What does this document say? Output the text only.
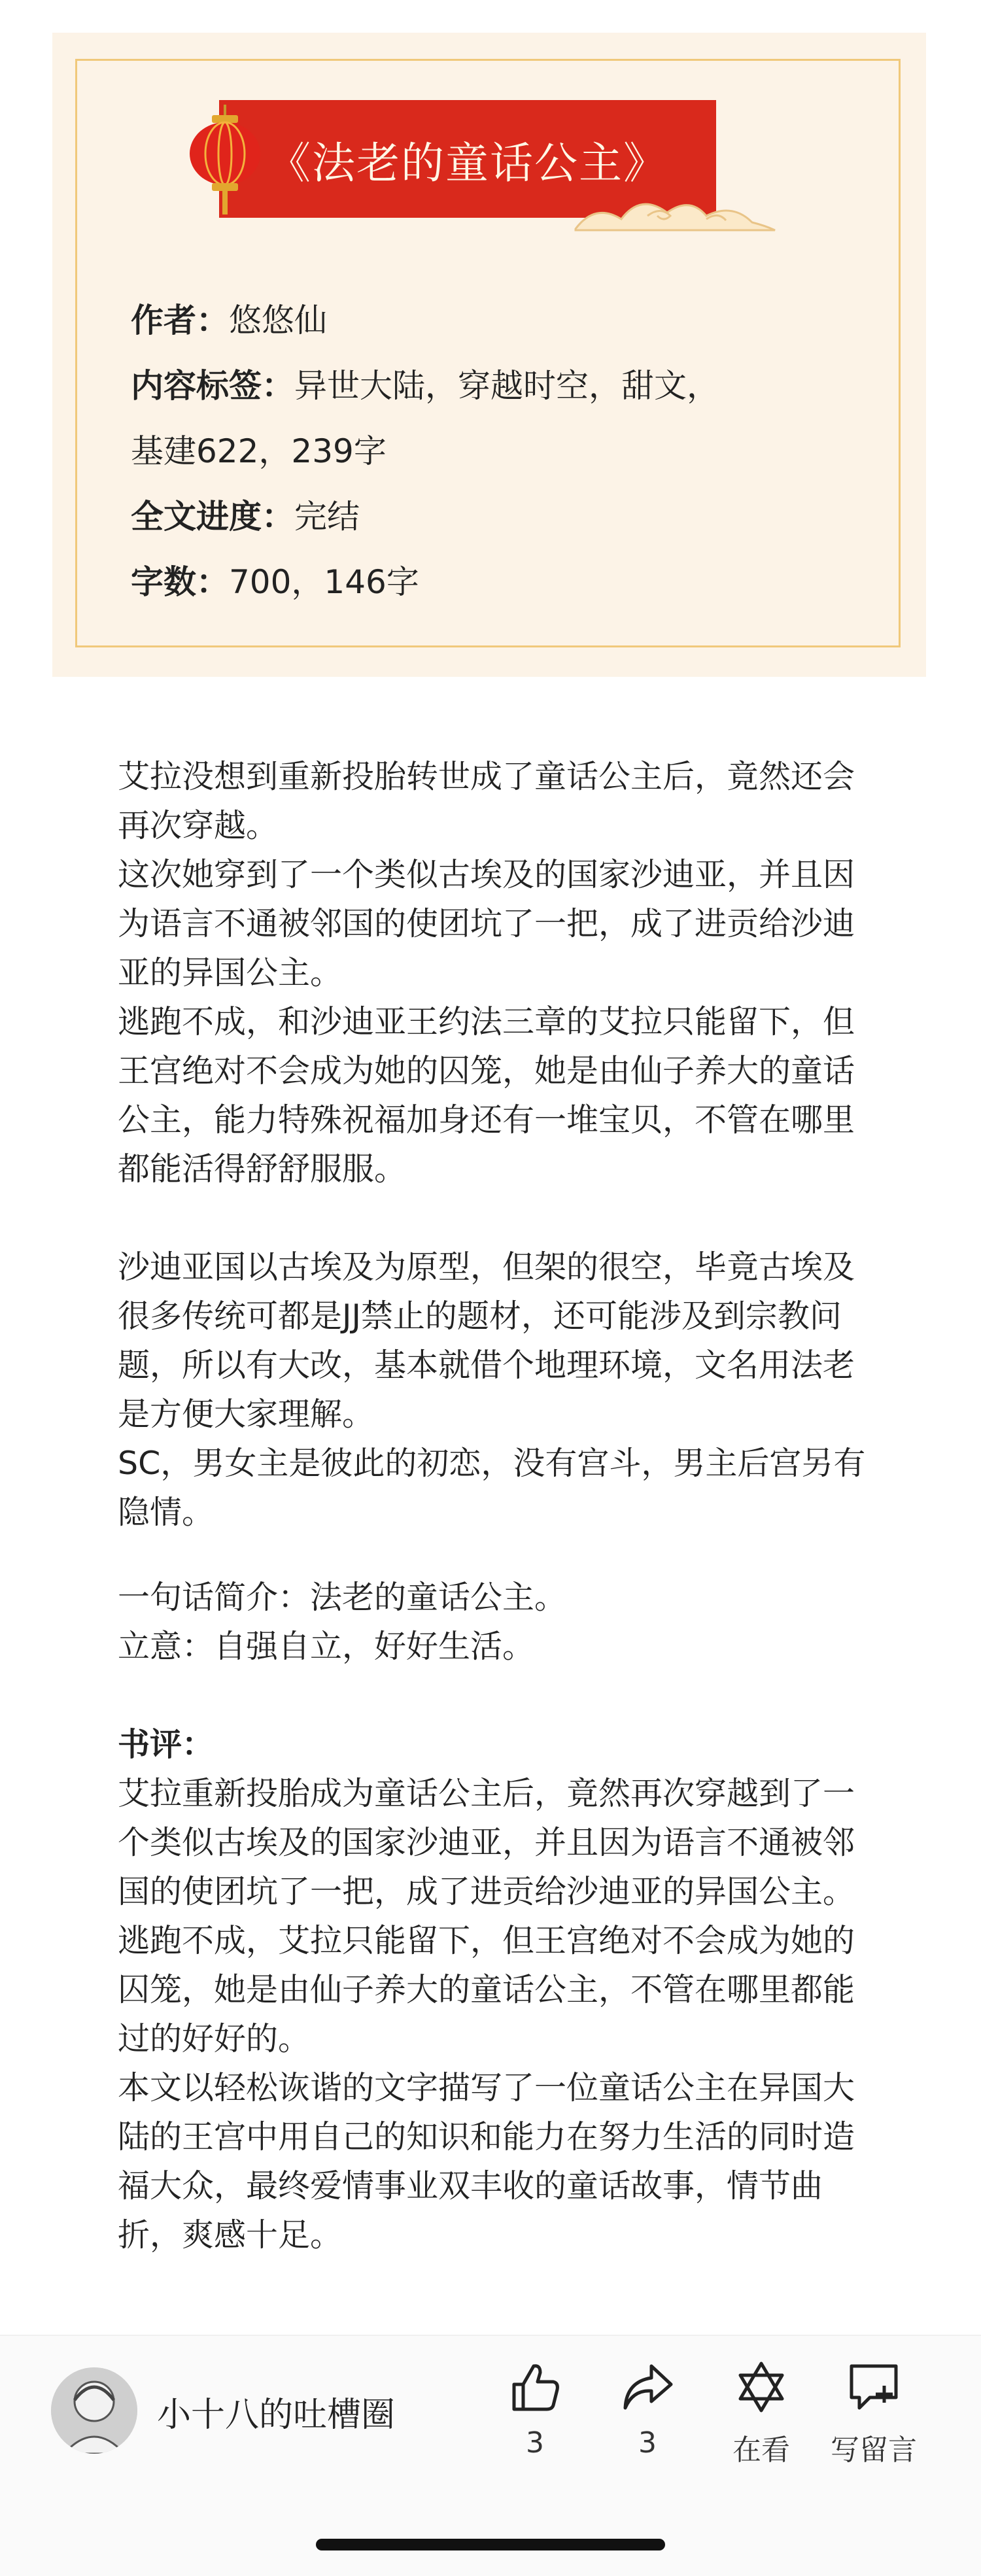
《法老的童话公主》
作者：悠悠仙
内容标签：异世大陆，穿越时空，甜文，
基建622，239字
全文进度：完结
字数：700，146字

艾拉没想到重新投胎转世成了童话公主后，竟然还会再次穿越。

这次她穿到了一个类似古埃及的国家沙迪亚，并且因为语言不通被邻国的使团坑了一把，成了进贡给沙迪亚的异国公主。

逃跑不成，和沙迪亚王约法三章的艾拉只能留下，但王宫绝对不会成为她的囚笼，她是由仙子养大的童话公主，能力特殊祝福加身还有一堆宝贝，不管在哪里都能活得舒舒服服。

沙迪亚国以古埃及为原型，但架的很空，毕竟古埃及很多传统可都是JJ禁止的题材，还可能涉及到宗教问题，所以有大改，基本就借个地理环境，文名用法老是方便大家理解。

SC，男女主是彼此的初恋，没有宫斗，男主后宫另有隐情。

一句话简介：法老的童话公主。

立意：自强自立，好好生活。

书评：

艾拉重新投胎成为童话公主后，竟然再次穿越到了一个类似古埃及的国家沙迪亚，并且因为语言不通被邻国的使团坑了一把，成了进贡给沙迪亚的异国公主。逃跑不成，艾拉只能留下，但王宫绝对不会成为她的囚笼，她是由仙子养大的童话公主，不管在哪里都能过的好好的。

本文以轻松诙谐的文字描写了一位童话公主在异国大陆的王宫中用自己的知识和能力在努力生活的同时造福大众，最终爱情事业双丰收的童话故事，情节曲折，爽感十足。

小十八的吐槽圈
3	3	在看	写留言
